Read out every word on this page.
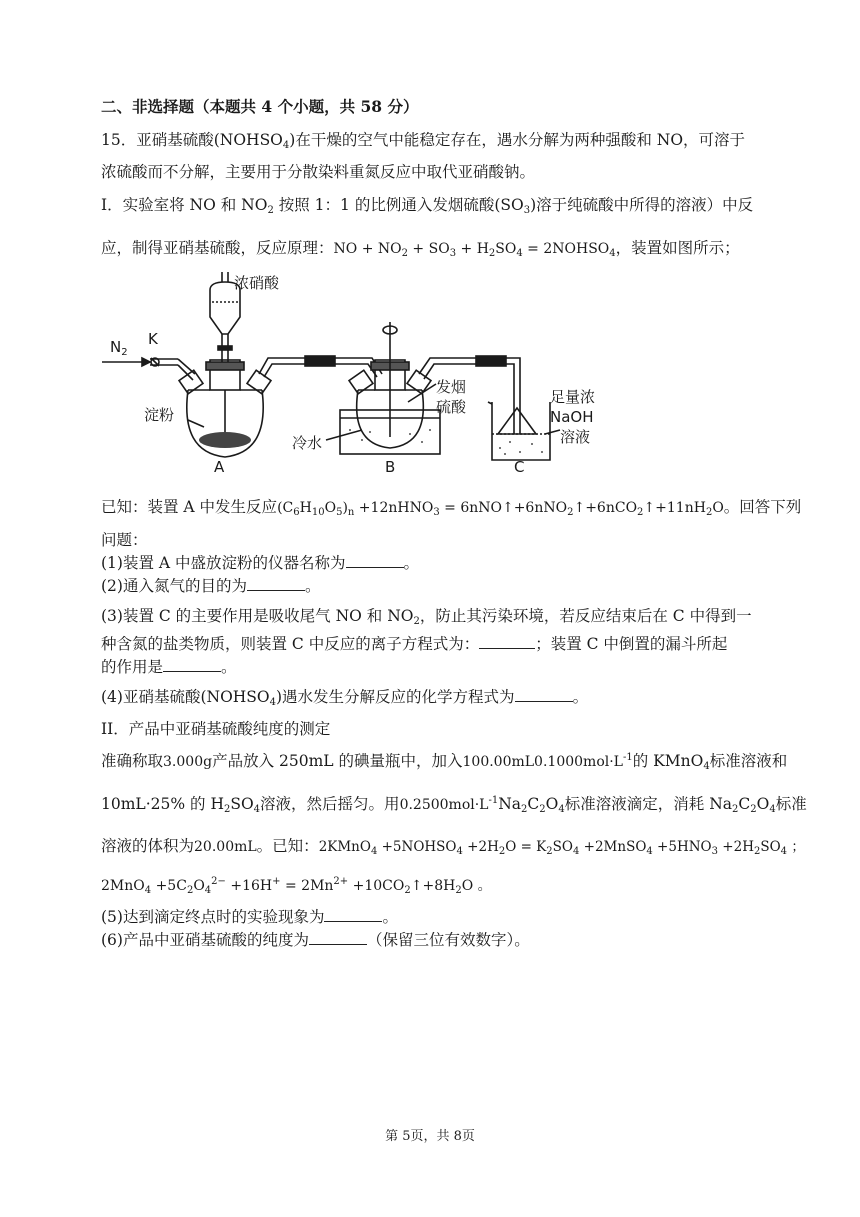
二、非选择题（本题共 4 个小题，共 58 分）
15．亚硝基硫酸$(NOHSO_4)$在干燥的空气中能稳定存在，遇水分解为两种强酸和 NO，可溶于
浓硫酸而不分解，主要用于分散染料重氮反应中取代亚硝酸钠。
I．实验室将 NO 和 $NO_2$ 按照 1：1 的比例通入发烟硫酸$(SO_3)$溶于纯硫酸中所得的溶液）中反
应，制得亚硝基硫酸，反应原理：NO + $NO_2 + SO_3 + H_2SO_4$ = $2NOHSO_4$，装置如图所示；
浓硝酸
$N_2$
K
淀粉
冷水
发烟
硫酸
足量浓
NaOH
溶液
A	B	C
已知：装置 A 中发生反应$(C_6H_{10}O_5)_n$ +12nHNO$_3$ = $6nNO↑+6nNO_2↑+6nCO_2↑+11nH_2O$。回答下列
问题：
(1)装置 A 中盛放淀粉的仪器名称为	。
(2)通入氮气的目的为	。
(3)装置 C 的主要作用是吸收尾气 NO 和 $NO_2$，防止其污染环境，若反应结束后在 C 中得到一
种含氮的盐类物质，则装置 C 中反应的离子方程式为：	；装置 C 中倒置的漏斗所起
的作用是	。
(4)亚硝基硫酸$(NOHSO_4)$遇水发生分解反应的化学方程式为	。
II．产品中亚硝基硫酸纯度的测定
准确称取3.000g产品放入 250mL 的碘量瓶中，加入$100.00mL0.1000mol\cdot L^{-1}$的 KMnO$_4$标准溶液和
10mL·25% 的 $H_2SO_4$溶液，然后摇匀。用$0.2500mol\cdot L^{-1}Na_2C_2O_4$标准溶液滴定，消耗 $Na_2C_2O_4$标准
溶液的体积为20.00mL。已知：2KMnO$_4$ $+5NOHSO_4 +2H_2O = K_2SO_4$ +2MnSO$_4$ $+5HNO_3 +2H_2SO_4$ ；
$2MnO_4 +5C_2O_4^{2-} +16H^+ = 2Mn^{2+}$ $+10CO_2↑+8H_2O$ 。
(5)达到滴定终点时的实验现象为	。
(6)产品中亚硝基硫酸的纯度为	（保留三位有效数字）。
第 5页，共 8页
